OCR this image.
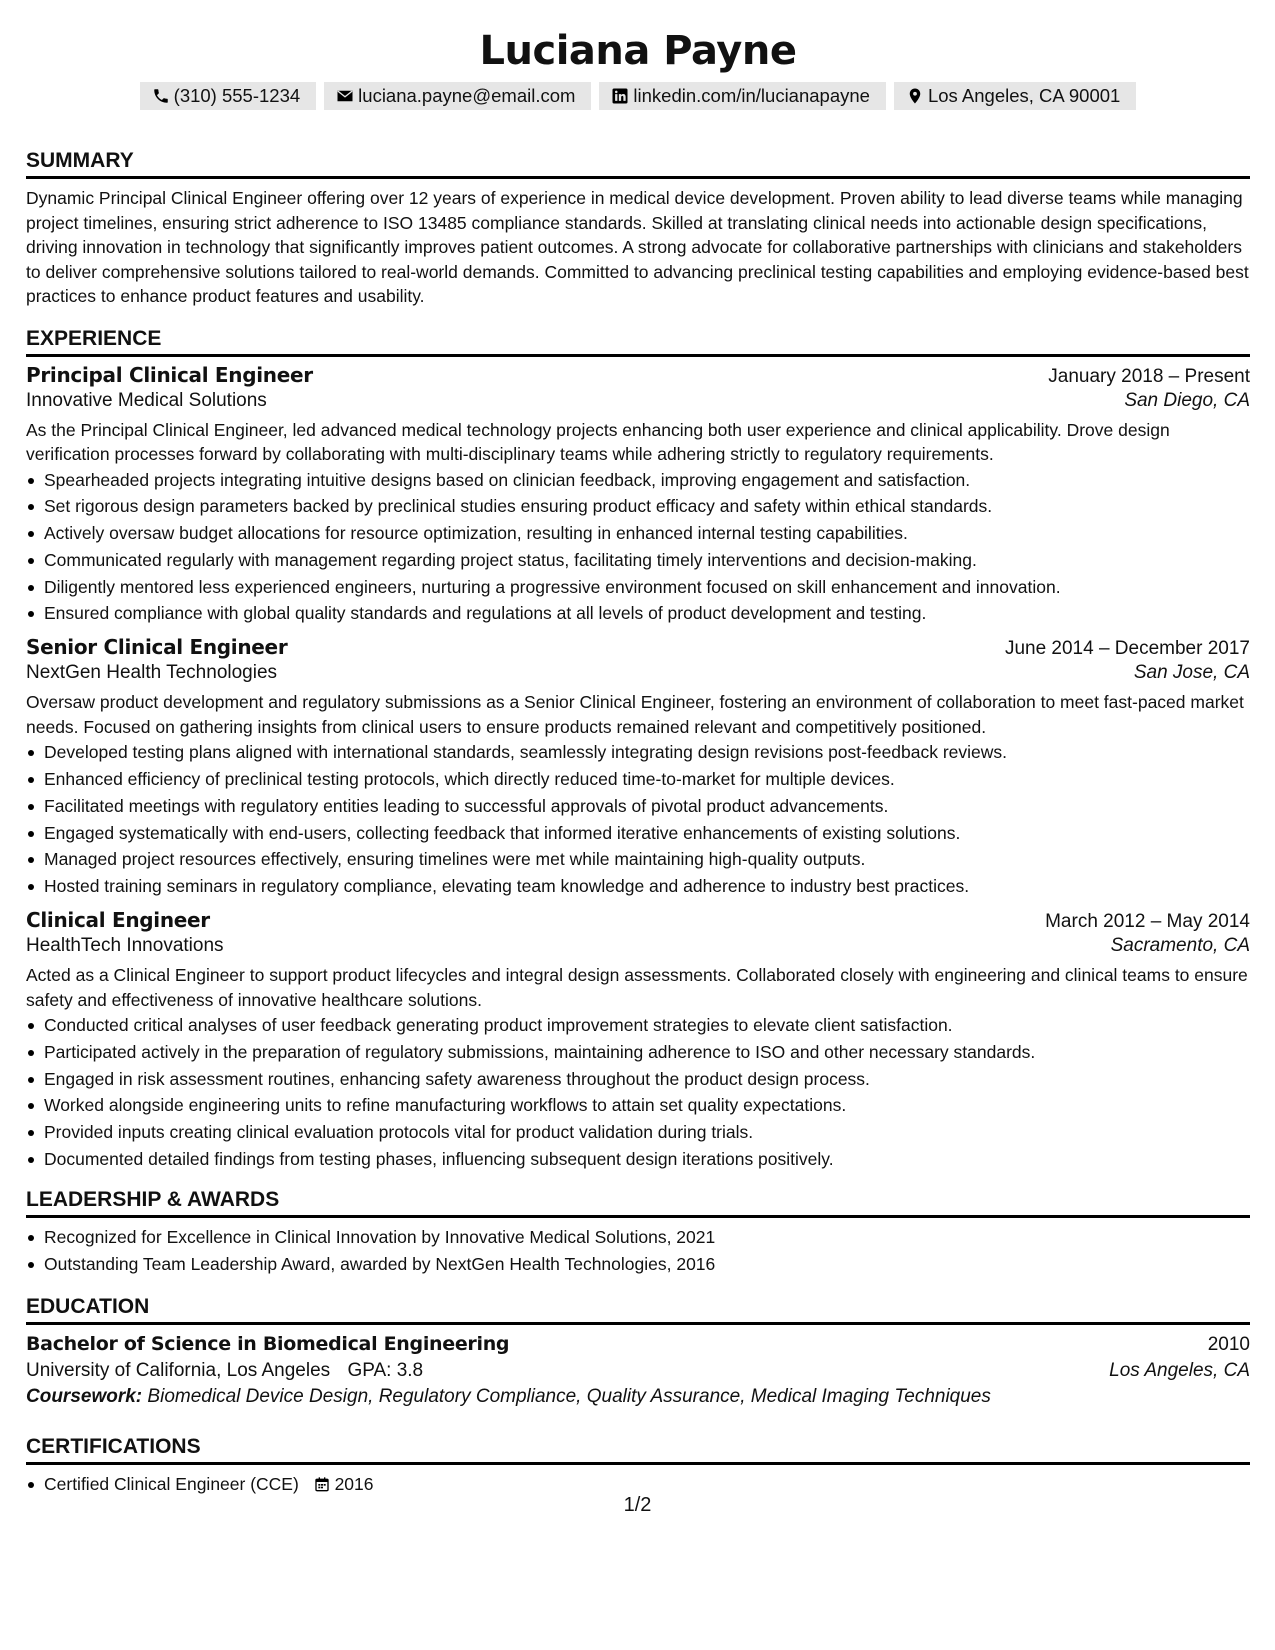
Luciana Payne
(310) 555-1234	luciana.payne@email.com	linkedin.com/in/lucianapayne	Los Angeles, CA 90001
SUMMARY
Dynamic Principal Clinical Engineer offering over 12 years of experience in medical device development. Proven ability to lead diverse teams while managing project timelines, ensuring strict adherence to ISO 13485 compliance standards. Skilled at translating clinical needs into actionable design specifications, driving innovation in technology that significantly improves patient outcomes. A strong advocate for collaborative partnerships with clinicians and stakeholders to deliver comprehensive solutions tailored to real-world demands. Committed to advancing preclinical testing capabilities and employing evidence-based best practices to enhance product features and usability.
EXPERIENCE
Principal Clinical Engineer	January 2018 – Present
Innovative Medical Solutions	San Diego, CA
As the Principal Clinical Engineer, led advanced medical technology projects enhancing both user experience and clinical applicability. Drove design verification processes forward by collaborating with multi-disciplinary teams while adhering strictly to regulatory requirements.
Spearheaded projects integrating intuitive designs based on clinician feedback, improving engagement and satisfaction.
Set rigorous design parameters backed by preclinical studies ensuring product efficacy and safety within ethical standards.
Actively oversaw budget allocations for resource optimization, resulting in enhanced internal testing capabilities.
Communicated regularly with management regarding project status, facilitating timely interventions and decision-making.
Diligently mentored less experienced engineers, nurturing a progressive environment focused on skill enhancement and innovation.
Ensured compliance with global quality standards and regulations at all levels of product development and testing.
Senior Clinical Engineer	June 2014 – December 2017
NextGen Health Technologies	San Jose, CA
Oversaw product development and regulatory submissions as a Senior Clinical Engineer, fostering an environment of collaboration to meet fast-paced market needs. Focused on gathering insights from clinical users to ensure products remained relevant and competitively positioned.
Developed testing plans aligned with international standards, seamlessly integrating design revisions post-feedback reviews.
Enhanced efficiency of preclinical testing protocols, which directly reduced time-to-market for multiple devices.
Facilitated meetings with regulatory entities leading to successful approvals of pivotal product advancements.
Engaged systematically with end-users, collecting feedback that informed iterative enhancements of existing solutions.
Managed project resources effectively, ensuring timelines were met while maintaining high-quality outputs.
Hosted training seminars in regulatory compliance, elevating team knowledge and adherence to industry best practices.
Clinical Engineer	March 2012 – May 2014
HealthTech Innovations	Sacramento, CA
Acted as a Clinical Engineer to support product lifecycles and integral design assessments. Collaborated closely with engineering and clinical teams to ensure safety and effectiveness of innovative healthcare solutions.
Conducted critical analyses of user feedback generating product improvement strategies to elevate client satisfaction.
Participated actively in the preparation of regulatory submissions, maintaining adherence to ISO and other necessary standards.
Engaged in risk assessment routines, enhancing safety awareness throughout the product design process.
Worked alongside engineering units to refine manufacturing workflows to attain set quality expectations.
Provided inputs creating clinical evaluation protocols vital for product validation during trials.
Documented detailed findings from testing phases, influencing subsequent design iterations positively.
LEADERSHIP & AWARDS
Recognized for Excellence in Clinical Innovation by Innovative Medical Solutions, 2021
Outstanding Team Leadership Award, awarded by NextGen Health Technologies, 2016
EDUCATION
Bachelor of Science in Biomedical Engineering	2010
University of California, Los Angeles GPA: 3.8	Los Angeles, CA
Coursework: Biomedical Device Design, Regulatory Compliance, Quality Assurance, Medical Imaging Techniques
CERTIFICATIONS
Certified Clinical Engineer (CCE) 2016
1/2
